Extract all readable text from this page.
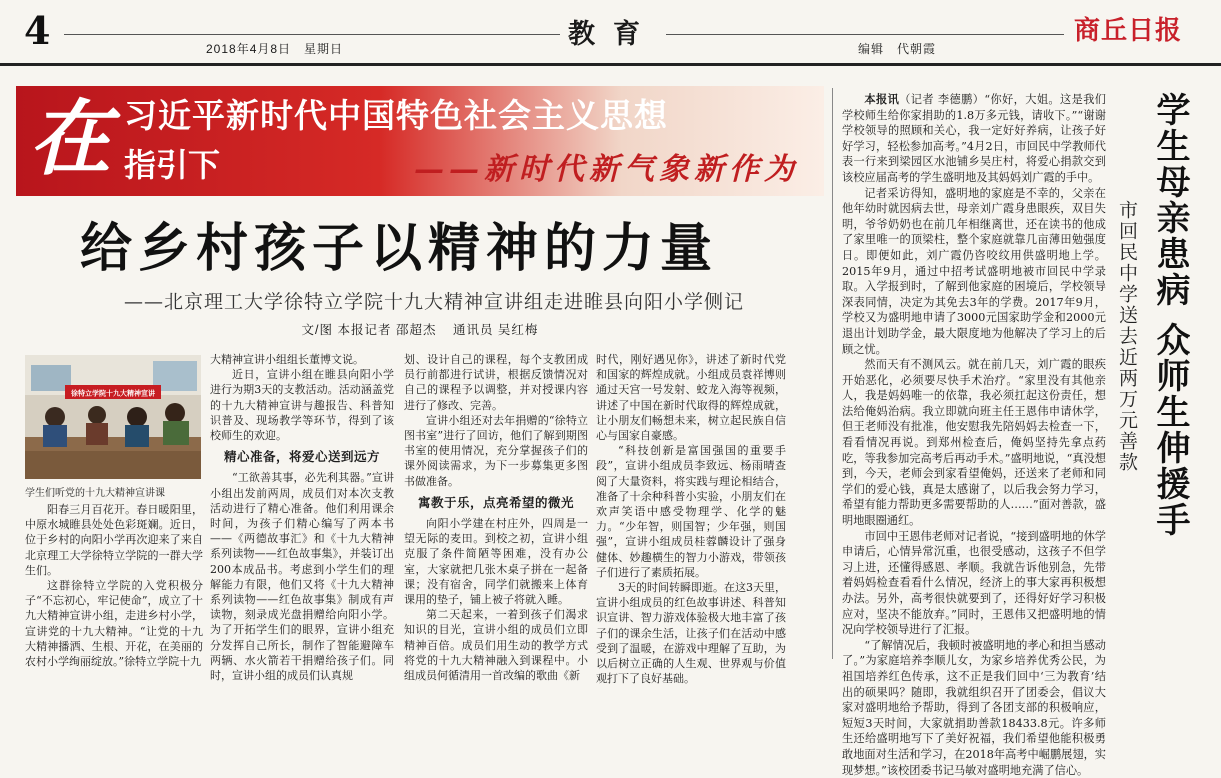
4	2018年4月8日　星期日	教育	编辑　代朝霞
商丘日报
在 习近平新时代中国特色社会主义思想
指引下	——新时代新气象新作为
给乡村孩子以精神的力量
——北京理工大学徐特立学院十九大精神宣讲组走进睢县向阳小学侧记
文/图 本报记者 邵超杰 通讯员 吴红梅
徐特立学院十九大精神宣讲
学生们听党的十九大精神宣讲课

阳春三月百花开。春日暖阳里，中原水城睢县处处色彩斑斓。近日，位于乡村的向阳小学再次迎来了来自北京理工大学徐特立学院的一群大学生们。

这群徐特立学院的入党积极分子“不忘初心，牢记使命”，成立了十九大精神宣讲小组，走进乡村小学，宣讲党的十九大精神。“让党的十九大精神播洒、生根、开花，在美丽的农村小学绚丽绽放。”徐特立学院十九

大精神宣讲小组组长董博文说。

近日，宣讲小组在睢县向阳小学进行为期3天的支教活动。活动涵盖党的十九大精神宣讲与趣报告、科普知识普及、现场教学等环节，得到了该校师生的欢迎。

精心准备，将爱心送到远方

“工欲善其事，必先利其器。”宣讲小组出发前两周，成员们对本次支教活动进行了精心准备。他们利用课余时间，为孩子们精心编写了两本书——《两德故事汇》和《十九大精神系列读物——红色故事集》，并装订出200本成品书。考虑到小学生们的理解能力有限，他们又将《十九大精神系列读物——红色故事集》制成有声读物，刻录成光盘捐赠给向阳小学。为了开拓学生们的眼界，宣讲小组充分发挥自己所长，制作了智能避障车两辆、水火箭若干捐赠给孩子们。同时，宣讲小组的成员们认真规

划、设计自己的课程，每个支教团成员行前都进行试讲，根据反馈情况对自己的课程予以调整，并对授课内容进行了修改、完善。

宣讲小组还对去年捐赠的“徐特立图书室”进行了回访，他们了解到期图书室的使用情况，充分掌握孩子们的课外阅读需求，为下一步募集更多图书做准备。

寓教于乐，点亮希望的微光

向阳小学建在村庄外，四周是一望无际的麦田。到校之初，宣讲小组克服了条件简陋等困难，没有办公室，大家就把几张木桌子拼在一起备课；没有宿舍，同学们就搬来上体育课用的垫子，铺上被子将就入睡。

第二天起来，一着到孩子们渴求知识的目光，宣讲小组的成员们立即精神百倍。成员们用生动的教学方式将党的十九大精神融入到课程中。小组成员何循清用一首改编的歌曲《新

时代，刚好遇见你》，讲述了新时代党和国家的辉煌成就。小组成员袁祥博则通过天宫一号发射、蛟龙入海等视频，讲述了中国在新时代取得的辉煌成就，让小朋友们畅想未来，树立起民族自信心与国家自豪感。

“科技创新是富国强国的重要手段”，宣讲小组成员李致远、杨雨晴查阅了大量资料，将实践与理论相结合，准备了十余种科普小实验，小朋友们在欢声笑语中感受物理学、化学的魅力。“少年智，则国智；少年强，则国强”，宣讲小组成员桂蓉麟设计了强身健体、妙趣横生的智力小游戏，带领孩子们进行了素质拓展。

3天的时间转瞬即逝。在这3天里，宣讲小组成员的红色故事讲述、科普知识宣讲、智力游戏体验极大地丰富了孩子们的课余生活，让孩子们在活动中感受到了温暖，在游戏中理解了互助，为以后树立正确的人生观、世界观与价值观打下了良好基础。

本报讯（记者 李德鹏）“你好，大姐。这是我们学校师生给你家捐助的1.8万多元钱，请收下。”“谢谢学校领导的照顾和关心，我一定好好养病，让孩子好好学习，轻松参加高考。”4月2日，市回民中学教师代表一行来到梁园区水池铺乡吴庄村，将爱心捐款交到该校应届高考的学生盛明地及其妈妈刘广霞的手中。

记者采访得知，盛明地的家庭是不幸的，父亲在他年幼时就因病去世，母亲刘广霞身患眼疾，双目失明，爷爷奶奶也在前几年相继离世，还在读书的他成了家里唯一的顶梁柱，整个家庭就靠几亩薄田勉强度日。即便如此，刘广霞仍咨咬纹用供盛明地上学。2015年9月，通过中招考试盛明地被市回民中学录取。入学报到时，了解到他家庭的困境后，学校领导深表同情，决定为其免去3年的学费。2017年9月，学校又为盛明地申请了3000元国家助学金和2000元退出计划助学金，最大限度地为他解决了学习上的后顾之忧。

然而天有不测风云。就在前几天，刘广霞的眼疾开始恶化，必须要尽快手术治疗。“家里没有其他亲人，我是妈妈唯一的依靠，我必须扛起这份责任，想法给俺妈治病。我立即就向班主任王恩伟申请休学，但王老师没有批准，他安慰我先陪妈妈去检查一下，看看情况再说。到郑州检查后，俺妈坚持先拿点药吃，等我参加完高考后再动手术。”盛明地说，“真没想到，今天，老师会到家看望俺妈，还送来了老师和同学们的爱心钱，真是太感谢了，以后我会努力学习，希望有能力帮助更多需要帮助的人……”面对善款，盛明地眼圈通红。

市回中王恩伟老师对记者说，“接到盛明地的休学申请后，心情异常沉重，也很受感动，这孩子不但学习上进，还懂得感恩、孝顺。我就告诉他别急，先带着妈妈检查看看什么情况，经济上的事大家再积极想办法。另外，高考很快就要到了，还得好好学习积极应对，坚决不能放弃。”同时，王恩伟又把盛明地的情况向学校领导进行了汇报。

“了解情况后，我顿时被盛明地的孝心和担当感动了。”为家庭培养李顺儿女，为家乡培养优秀公民，为祖国培养红色传承，这不正是我们回中‘三为教育’结出的硕果吗？随即，我就组织召开了团委会，倡议大家对盛明地给予帮助，得到了各团支部的积极响应，短短3天时间，大家就捐助善款18433.8元。许多师生还给盛明地写下了美好祝福，我们希望他能积极勇敢地面对生活和学习，在2018年高考中崛鹏展翅，实现梦想。”该校团委书记马敏对盛明地充满了信心。

市回民中学送去近两万元善款 学生母亲患病 众师生伸援手
